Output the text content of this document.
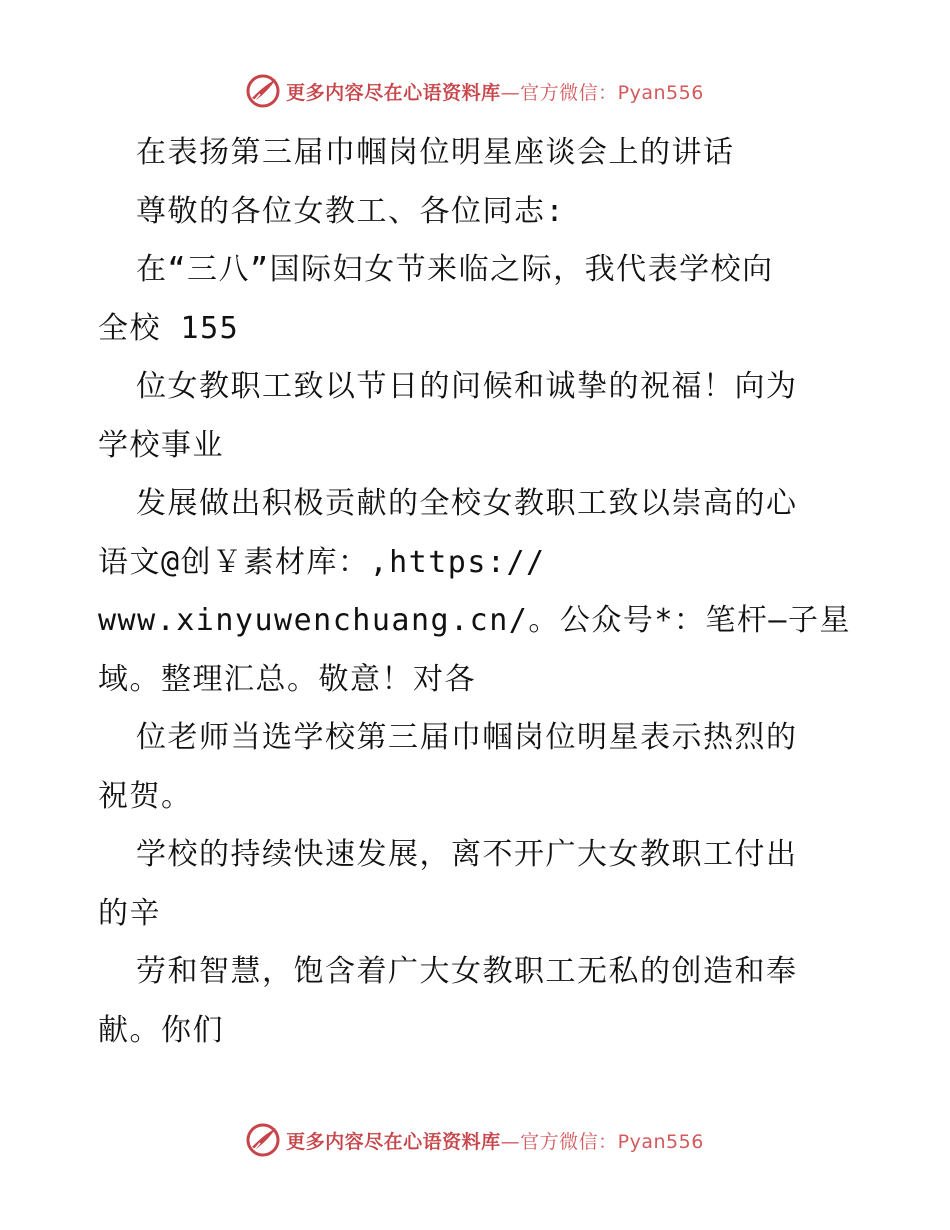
更多内容尽在心语资料库—官方微信：Pyan556
在表扬第三届巾帼岗位明星座谈会上的讲话
尊敬的各位女教工、各位同志:
在“三八”国际妇女节来临之际，我代表学校向
全校 155
位女教职工致以节日的问候和诚挚的祝福！向为
学校事业
发展做出积极贡献的全校女教职工致以崇高的心
语文@创￥素材库：,https://
www.xinyuwenchuang.cn/。公众号*：笔杆—子星
域。整理汇总。敬意！对各
位老师当选学校第三届巾帼岗位明星表示热烈的
祝贺。
学校的持续快速发展，离不开广大女教职工付出
的辛
劳和智慧，饱含着广大女教职工无私的创造和奉
献。你们
更多内容尽在心语资料库—官方微信：Pyan556
